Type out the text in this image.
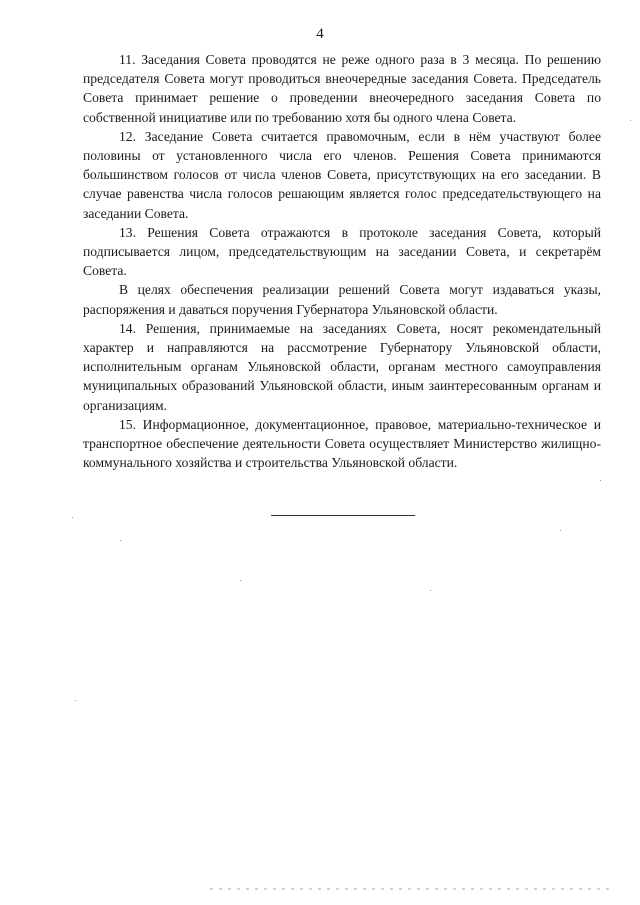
4

11. Заседания Совета проводятся не реже одного раза в 3 месяца. По решению председателя Совета могут проводиться внеочередные заседания Совета. Председатель Совета принимает решение о проведении внеочередного заседания Совета по собственной инициативе или по требованию хотя бы одного члена Совета.

12. Заседание Совета считается правомочным, если в нём участвуют более половины от установленного числа его членов. Решения Совета принимаются большинством голосов от числа членов Совета, присутствующих на его заседании. В случае равенства числа голосов решающим является голос председательствующего на заседании Совета.

13. Решения Совета отражаются в протоколе заседания Совета, который подписывается лицом, председательствующим на заседании Совета, и секретарём Совета.

В целях обеспечения реализации решений Совета могут издаваться указы, распоряжения и даваться поручения Губернатора Ульяновской области.

14. Решения, принимаемые на заседаниях Совета, носят рекомендательный характер и направляются на рассмотрение Губернатору Ульяновской области, исполнительным органам Ульяновской области, органам местного самоуправления муниципальных образований Ульяновской области, иным заинтересованным органам и организациям.

15. Информационное, документационное, правовое, материально-техническое и транспортное обеспечение деятельности Совета осуществляет Министерство жилищно-коммунального хозяйства и строительства Ульяновской области.
